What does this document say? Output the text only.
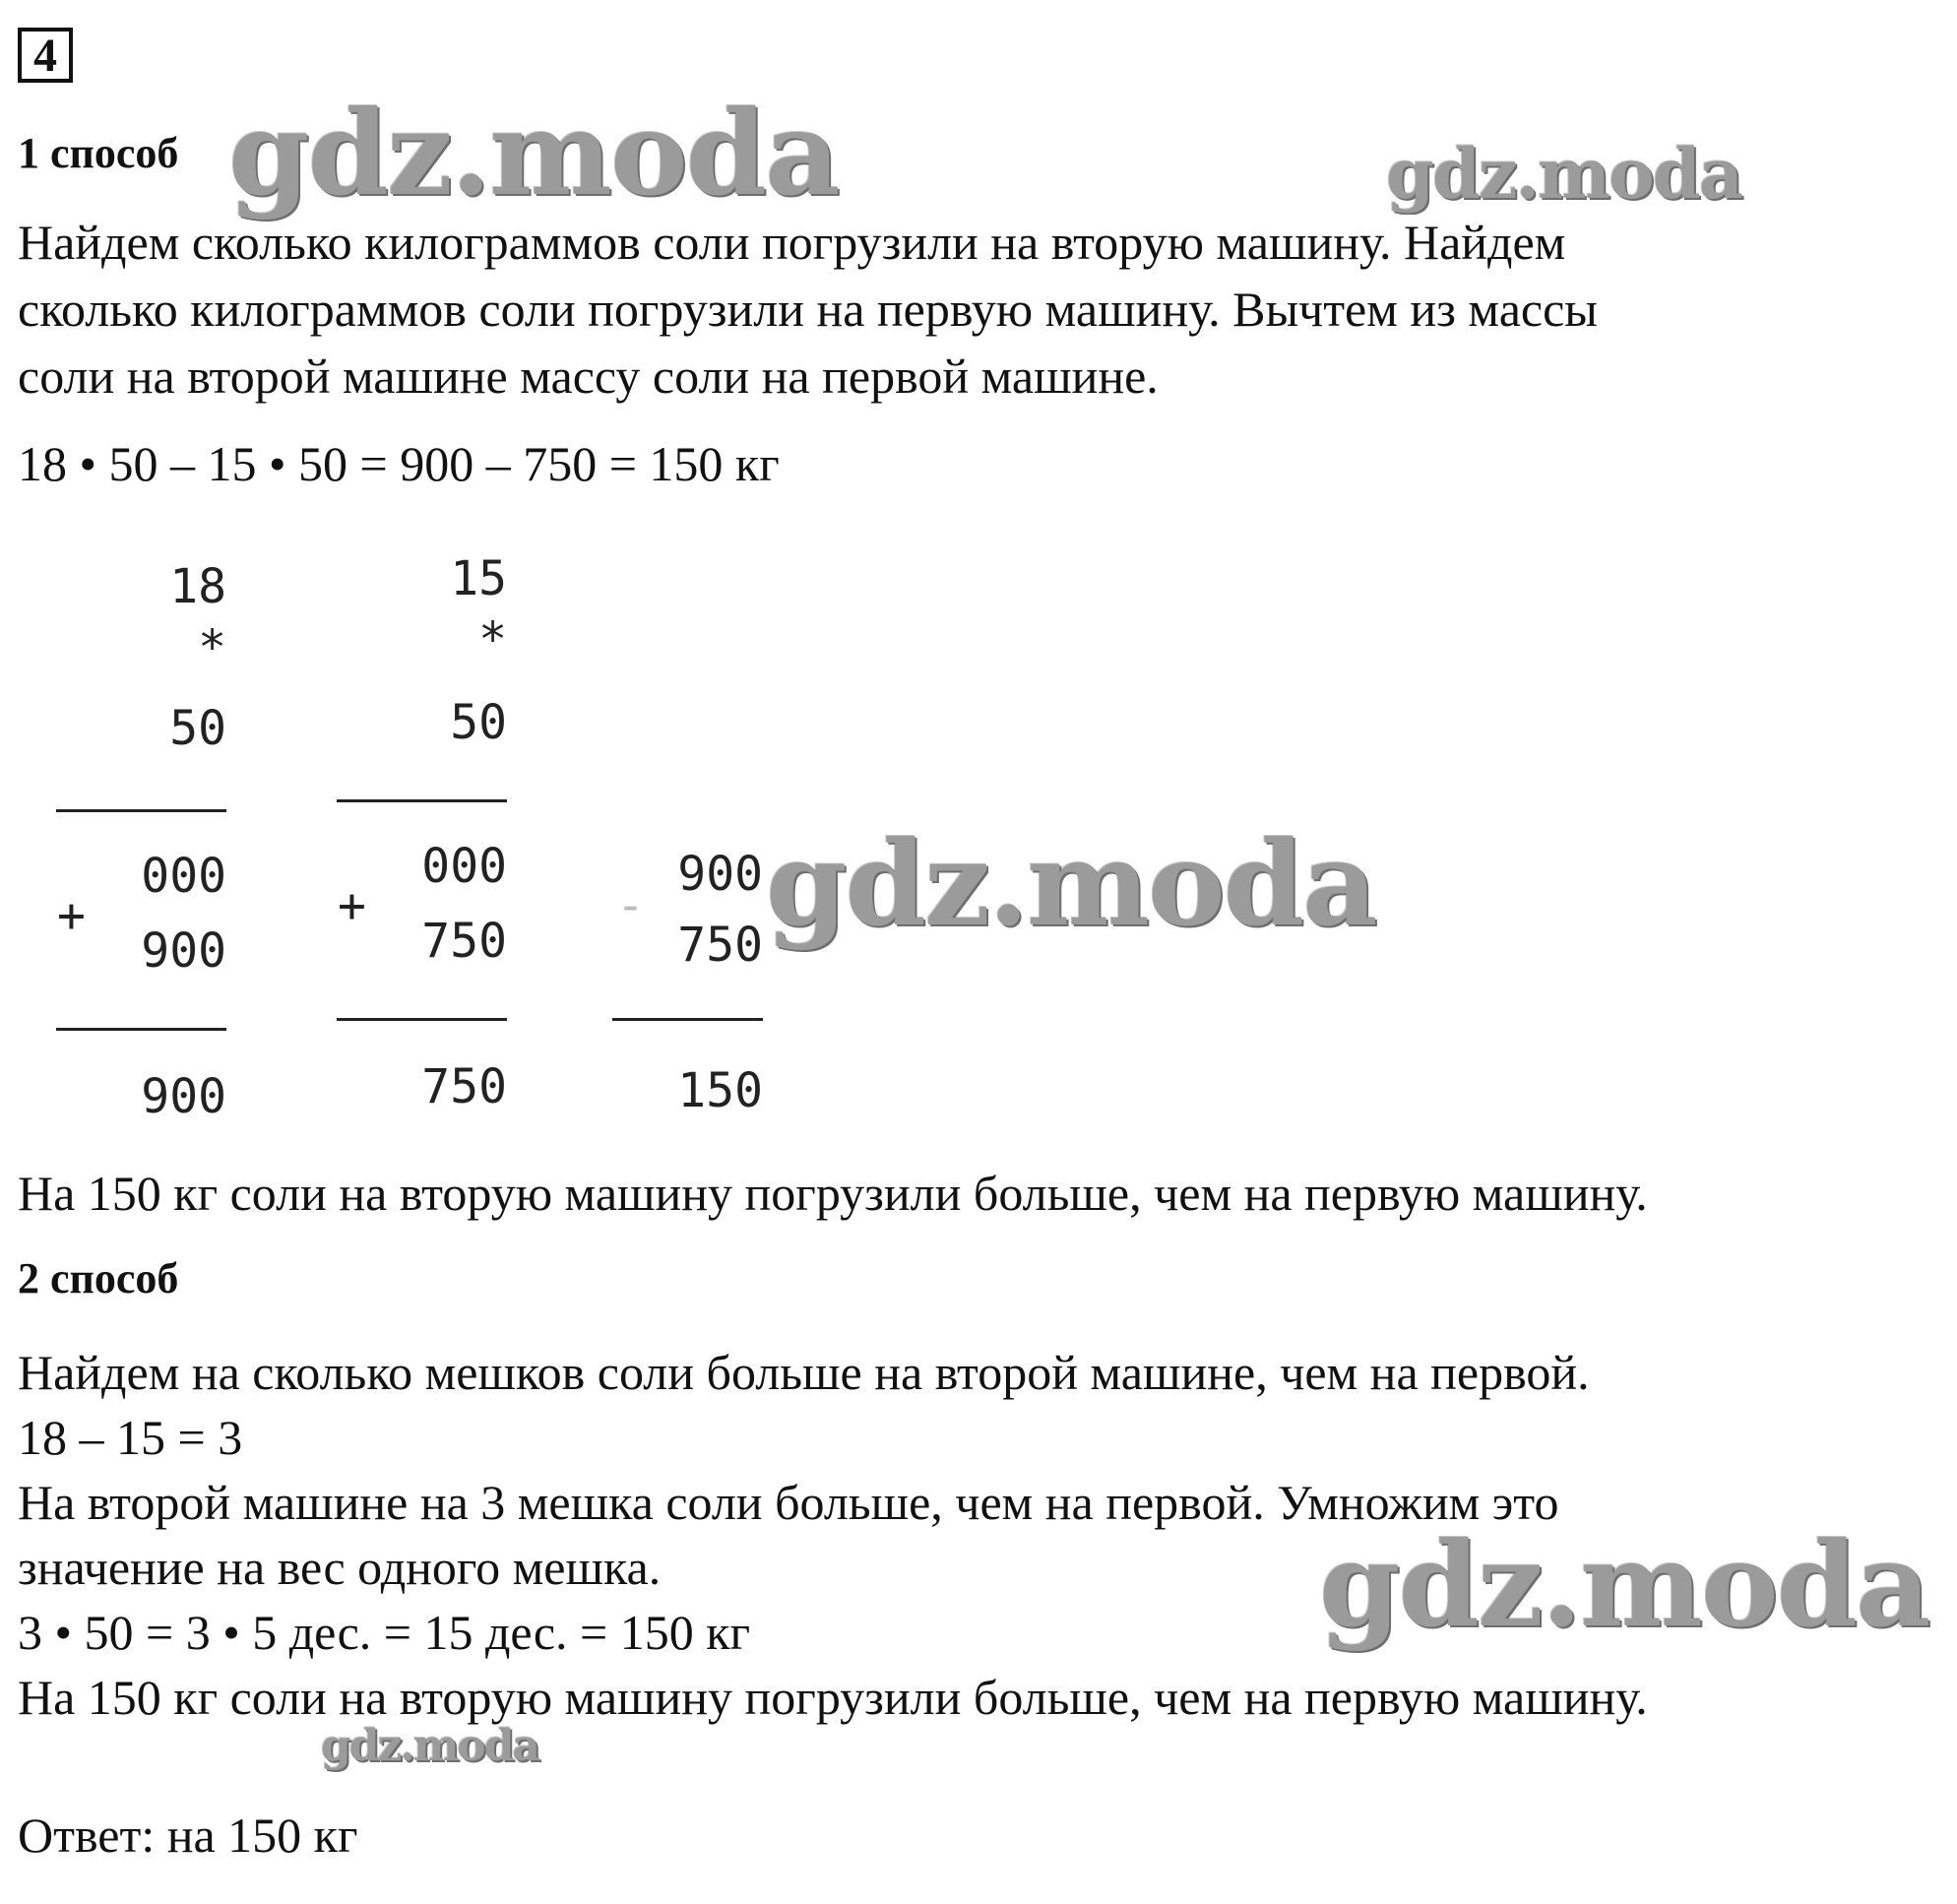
4
1 способ
Найдем сколько килограммов соли погрузили на вторую машину. Найдем
сколько килограммов соли погрузили на первую машину. Вычтем из массы
соли на второй машине массу соли на первой машине.
18 • 50 – 15 • 50 = 900 – 750 = 150 кг
18
*
50
+
000
900
900
15
*
50
+
000
750
750
-
900
750
150
На 150 кг соли на вторую машину погрузили больше, чем на первую машину.
2 способ
Найдем на сколько мешков соли больше на второй машине, чем на первой.
18 – 15 = 3
На второй машине на 3 мешка соли больше, чем на первой. Умножим это
значение на вес одного мешка.
3 • 50 = 3 • 5 дес. = 15 дес. = 150 кг
На 150 кг соли на вторую машину погрузили больше, чем на первую машину.
Ответ: на 150 кг
gdz.moda	gdz.moda
gdz.moda
gdz.moda
gdz.moda
